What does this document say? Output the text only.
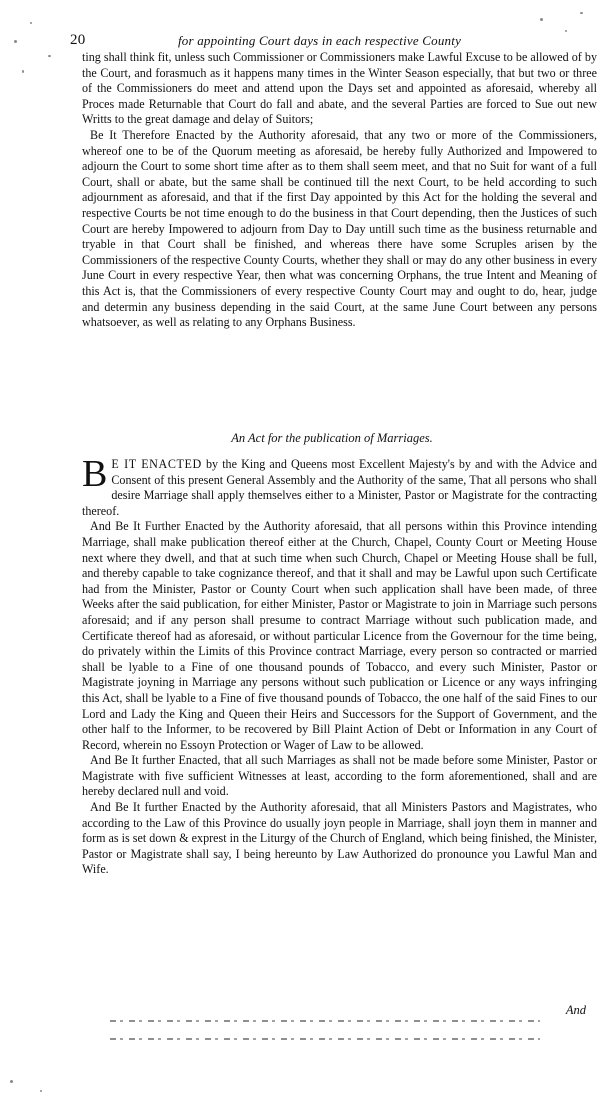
20	for appointing Court days in each respective County

ting shall think fit, unless such Commissioner or Commissioners make Lawful Excuse to be allowed of by the Court, and forasmuch as it happens many times in the Winter Season especially, that but two or three of the Commissioners do meet and attend upon the Days set and appointed as aforesaid, whereby all Proces made Returnable that Court do fall and abate, and the several Parties are forced to Sue out new Writts to the great damage and delay of Suitors;

Be It Therefore Enacted by the Authority aforesaid, that any two or more of the Commissioners, whereof one to be of the Quorum meeting as aforesaid, be hereby fully Authorized and Impowered to adjourn the Court to some short time after as to them shall seem meet, and that no Suit for want of a full Court, shall or abate, but the same shall be continued till the next Court, to be held according to such adjournment as aforesaid, and that if the first Day appointed by this Act for the holding the several and respective Courts be not time enough to do the business in that Court depending, then the Justices of such Court are hereby Impowered to adjourn from Day to Day untill such time as the business returnable and tryable in that Court shall be finished, and whereas there have some Scruples arisen by the Commissioners of the respective County Courts, whether they shall or may do any other business in every June Court in every respective Year, then what was concerning Orphans, the true Intent and Meaning of this Act is, that the Commissioners of every respective County Court may and ought to do, hear, judge and determin any business depending in the said Court, at the same June Court between any persons whatsoever, as well as relating to any Orphans Business.

An Act for the publication of Marriages.

B E IT ENACTED by the King and Queens most Excellent Majesty's by and with the Advice and Consent of this present General Assembly and the Authority of the same, That all persons who shall desire Marriage shall apply themselves either to a Minister, Pastor or Magistrate for the contracting thereof.

And Be It Further Enacted by the Authority aforesaid, that all persons within this Province intending Marriage, shall make publication thereof either at the Church, Chapel, County Court or Meeting House next where they dwell, and that at such time when such Church, Chapel or Meeting House shall be full, and thereby capable to take cognizance thereof, and that it shall and may be Lawful upon such Certificate had from the Minister, Pastor or County Court when such application shall have been made, of three Weeks after the said publication, for either Minister, Pastor or Magistrate to join in Marriage such persons aforesaid; and if any person shall presume to contract Marriage without such publication made, and Certificate thereof had as aforesaid, or without particular Licence from the Governour for the time being, do privately within the Limits of this Province contract Marriage, every person so contracted or married shall be lyable to a Fine of one thousand pounds of Tobacco, and every such Minister, Pastor or Magistrate joyning in Marriage any persons without such publication or Licence or any ways infringing this Act, shall be lyable to a Fine of five thousand pounds of Tobacco, the one half of the said Fines to our Lord and Lady the King and Queen their Heirs and Successors for the Support of Government, and the other half to the Informer, to be recovered by Bill Plaint Action of Debt or Information in any Court of Record, wherein no Essoyn Protection or Wager of Law to be allowed.

And Be It further Enacted, that all such Marriages as shall not be made before some Minister, Pastor or Magistrate with five sufficient Witnesses at least, according to the form aforementioned, shall and are hereby declared null and void.

And Be It further Enacted by the Authority aforesaid, that all Ministers Pastors and Magistrates, who according to the Law of this Province do usually joyn people in Marriage, shall joyn them in manner and form as is set down & exprest in the Liturgy of the Church of England, which being finished, the Minister, Pastor or Magistrate shall say, I being hereunto by Law Authorized do pronounce you Lawful Man and Wife.

And
